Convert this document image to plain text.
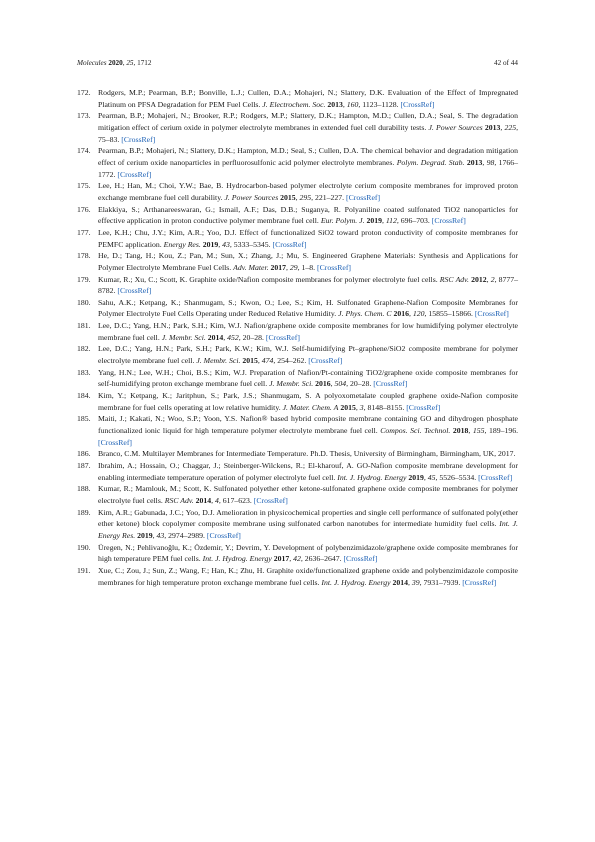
Molecules 2020, 25, 1712	42 of 44
172. Rodgers, M.P.; Pearman, B.P.; Bonville, L.J.; Cullen, D.A.; Mohajeri, N.; Slattery, D.K. Evaluation of the Effect of Impregnated Platinum on PFSA Degradation for PEM Fuel Cells. J. Electrochem. Soc. 2013, 160, 1123–1128. [CrossRef]
173. Pearman, B.P.; Mohajeri, N.; Brooker, R.P.; Rodgers, M.P.; Slattery, D.K.; Hampton, M.D.; Cullen, D.A.; Seal, S. The degradation mitigation effect of cerium oxide in polymer electrolyte membranes in extended fuel cell durability tests. J. Power Sources 2013, 225, 75–83. [CrossRef]
174. Pearman, B.P.; Mohajeri, N.; Slattery, D.K.; Hampton, M.D.; Seal, S.; Cullen, D.A. The chemical behavior and degradation mitigation effect of cerium oxide nanoparticles in perfluorosulfonic acid polymer electrolyte membranes. Polym. Degrad. Stab. 2013, 98, 1766–1772. [CrossRef]
175. Lee, H.; Han, M.; Choi, Y.W.; Bae, B. Hydrocarbon-based polymer electrolyte cerium composite membranes for improved proton exchange membrane fuel cell durability. J. Power Sources 2015, 295, 221–227. [CrossRef]
176. Elakkiya, S.; Arthanareeswaran, G.; Ismail, A.F.; Das, D.B.; Suganya, R. Polyaniline coated sulfonated TiO2 nanoparticles for effective application in proton conductive polymer membrane fuel cell. Eur. Polym. J. 2019, 112, 696–703. [CrossRef]
177. Lee, K.H.; Chu, J.Y.; Kim, A.R.; Yoo, D.J. Effect of functionalized SiO2 toward proton conductivity of composite membranes for PEMFC application. Energy Res. 2019, 43, 5333–5345. [CrossRef]
178. He, D.; Tang, H.; Kou, Z.; Pan, M.; Sun, X.; Zhang, J.; Mu, S. Engineered Graphene Materials: Synthesis and Applications for Polymer Electrolyte Membrane Fuel Cells. Adv. Mater. 2017, 29, 1–8. [CrossRef]
179. Kumar, R.; Xu, C.; Scott, K. Graphite oxide/Nafion composite membranes for polymer electrolyte fuel cells. RSC Adv. 2012, 2, 8777–8782. [CrossRef]
180. Sahu, A.K.; Ketpang, K.; Shanmugam, S.; Kwon, O.; Lee, S.; Kim, H. Sulfonated Graphene-Nafion Composite Membranes for Polymer Electrolyte Fuel Cells Operating under Reduced Relative Humidity. J. Phys. Chem. C 2016, 120, 15855–15866. [CrossRef]
181. Lee, D.C.; Yang, H.N.; Park, S.H.; Kim, W.J. Nafion/graphene oxide composite membranes for low humidifying polymer electrolyte membrane fuel cell. J. Membr. Sci. 2014, 452, 20–28. [CrossRef]
182. Lee, D.C.; Yang, H.N.; Park, S.H.; Park, K.W.; Kim, W.J. Self-humidifying Pt–graphene/SiO2 composite membrane for polymer electrolyte membrane fuel cell. J. Membr. Sci. 2015, 474, 254–262. [CrossRef]
183. Yang, H.N.; Lee, W.H.; Choi, B.S.; Kim, W.J. Preparation of Nafion/Pt-containing TiO2/graphene oxide composite membranes for self-humidifying proton exchange membrane fuel cell. J. Membr. Sci. 2016, 504, 20–28. [CrossRef]
184. Kim, Y.; Ketpang, K.; Jaritphun, S.; Park, J.S.; Shanmugam, S. A polyoxometalate coupled graphene oxide-Nafion composite membrane for fuel cells operating at low relative humidity. J. Mater. Chem. A 2015, 3, 8148–8155. [CrossRef]
185. Maiti, J.; Kakati, N.; Woo, S.P.; Yoon, Y.S. Nafion® based hybrid composite membrane containing GO and dihydrogen phosphate functionalized ionic liquid for high temperature polymer electrolyte membrane fuel cell. Compos. Sci. Technol. 2018, 155, 189–196. [CrossRef]
186. Branco, C.M. Multilayer Membranes for Intermediate Temperature. Ph.D. Thesis, University of Birmingham, Birmingham, UK, 2017.
187. Ibrahim, A.; Hossain, O.; Chaggar, J.; Steinberger-Wilckens, R.; El-kharouf, A. GO-Nafion composite membrane development for enabling intermediate temperature operation of polymer electrolyte fuel cell. Int. J. Hydrog. Energy 2019, 45, 5526–5534. [CrossRef]
188. Kumar, R.; Mamlouk, M.; Scott, K. Sulfonated polyether ether ketone-sulfonated graphene oxide composite membranes for polymer electrolyte fuel cells. RSC Adv. 2014, 4, 617–623. [CrossRef]
189. Kim, A.R.; Gabunada, J.C.; Yoo, D.J. Amelioration in physicochemical properties and single cell performance of sulfonated poly(ether ether ketone) block copolymer composite membrane using sulfonated carbon nanotubes for intermediate humidity fuel cells. Int. J. Energy Res. 2019, 43, 2974–2989. [CrossRef]
190. Üregen, N.; Pehlivanoğlu, K.; Özdemir, Y.; Devrim, Y. Development of polybenzimidazole/graphene oxide composite membranes for high temperature PEM fuel cells. Int. J. Hydrog. Energy 2017, 42, 2636–2647. [CrossRef]
191. Xue, C.; Zou, J.; Sun, Z.; Wang, F.; Han, K.; Zhu, H. Graphite oxide/functionalized graphene oxide and polybenzimidazole composite membranes for high temperature proton exchange membrane fuel cells. Int. J. Hydrog. Energy 2014, 39, 7931–7939. [CrossRef]
